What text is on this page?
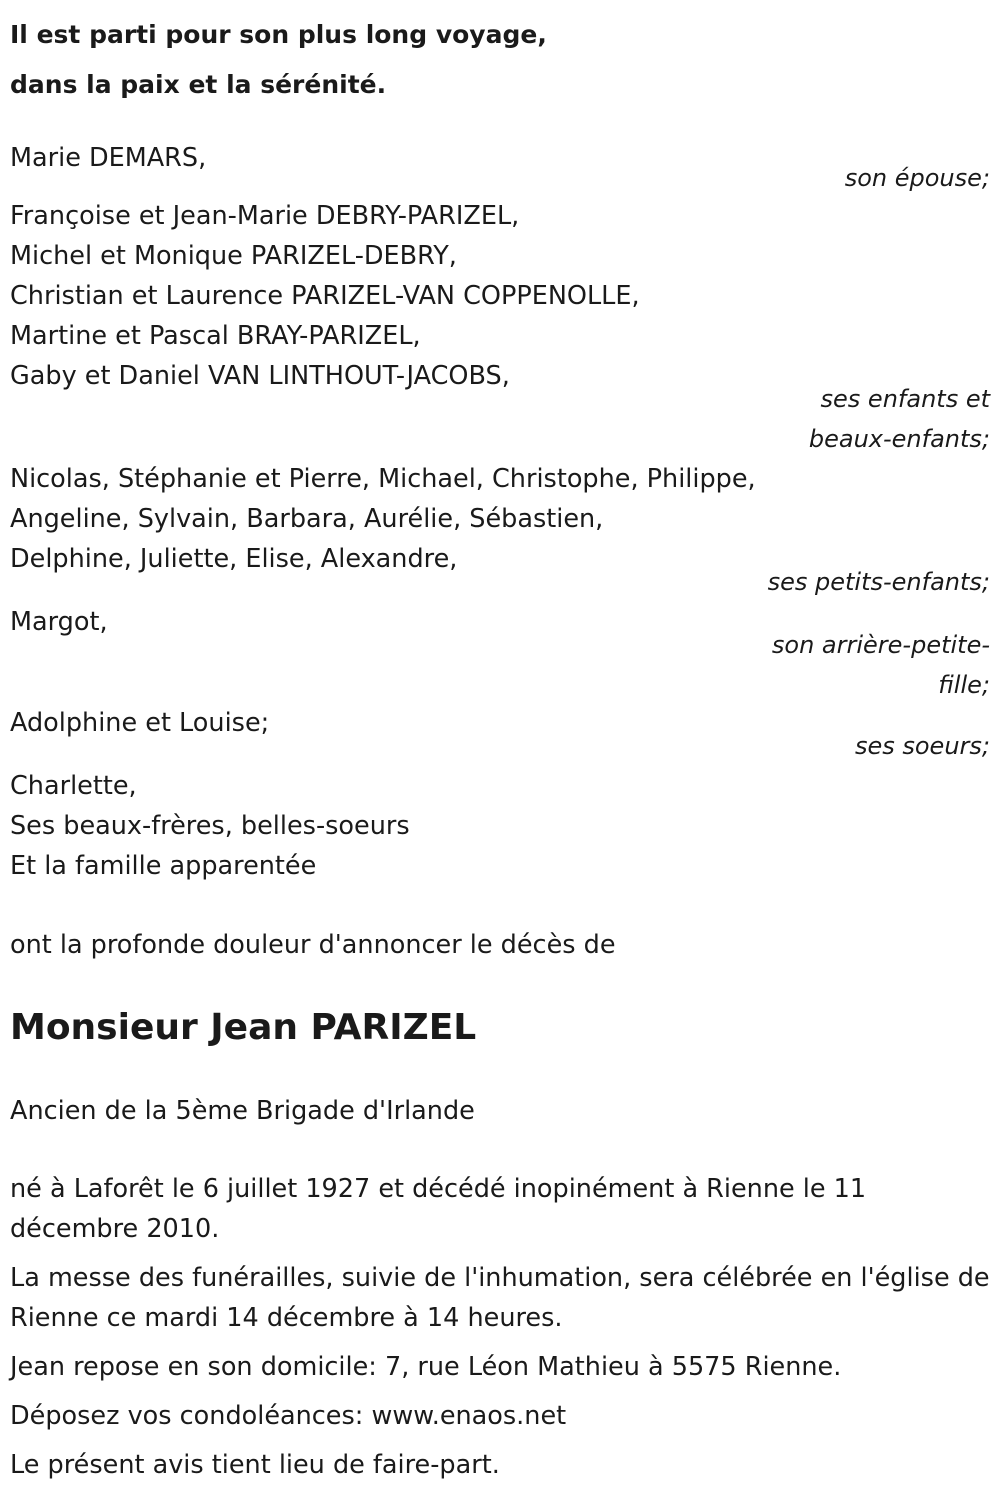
Il est parti pour son plus long voyage,
dans la paix et la sérénité.
Marie DEMARS,
son épouse;
Françoise et Jean-Marie DEBRY-PARIZEL,
Michel et Monique PARIZEL-DEBRY,
Christian et Laurence PARIZEL-VAN COPPENOLLE,
Martine et Pascal BRAY-PARIZEL,
Gaby et Daniel VAN LINTHOUT-JACOBS,
ses enfants et
beaux-enfants;
Nicolas, Stéphanie et Pierre, Michael, Christophe, Philippe,
Angeline, Sylvain, Barbara, Aurélie, Sébastien,
Delphine, Juliette, Elise, Alexandre,
ses petits-enfants;
Margot,
son arrière-petite-
fille;
Adolphine et Louise;
ses soeurs;
Charlette,
Ses beaux-frères, belles-soeurs
Et la famille apparentée
ont la profonde douleur d'annoncer le décès de
Monsieur Jean PARIZEL
Ancien de la 5ème Brigade d'Irlande
né à Laforêt le 6 juillet 1927 et décédé inopinément à Rienne le 11 décembre 2010.
La messe des funérailles, suivie de l'inhumation, sera célébrée en l'église de Rienne ce mardi 14 décembre à 14 heures.
Jean repose en son domicile: 7, rue Léon Mathieu à 5575 Rienne.
Déposez vos condoléances: www.enaos.net
Le présent avis tient lieu de faire-part.
